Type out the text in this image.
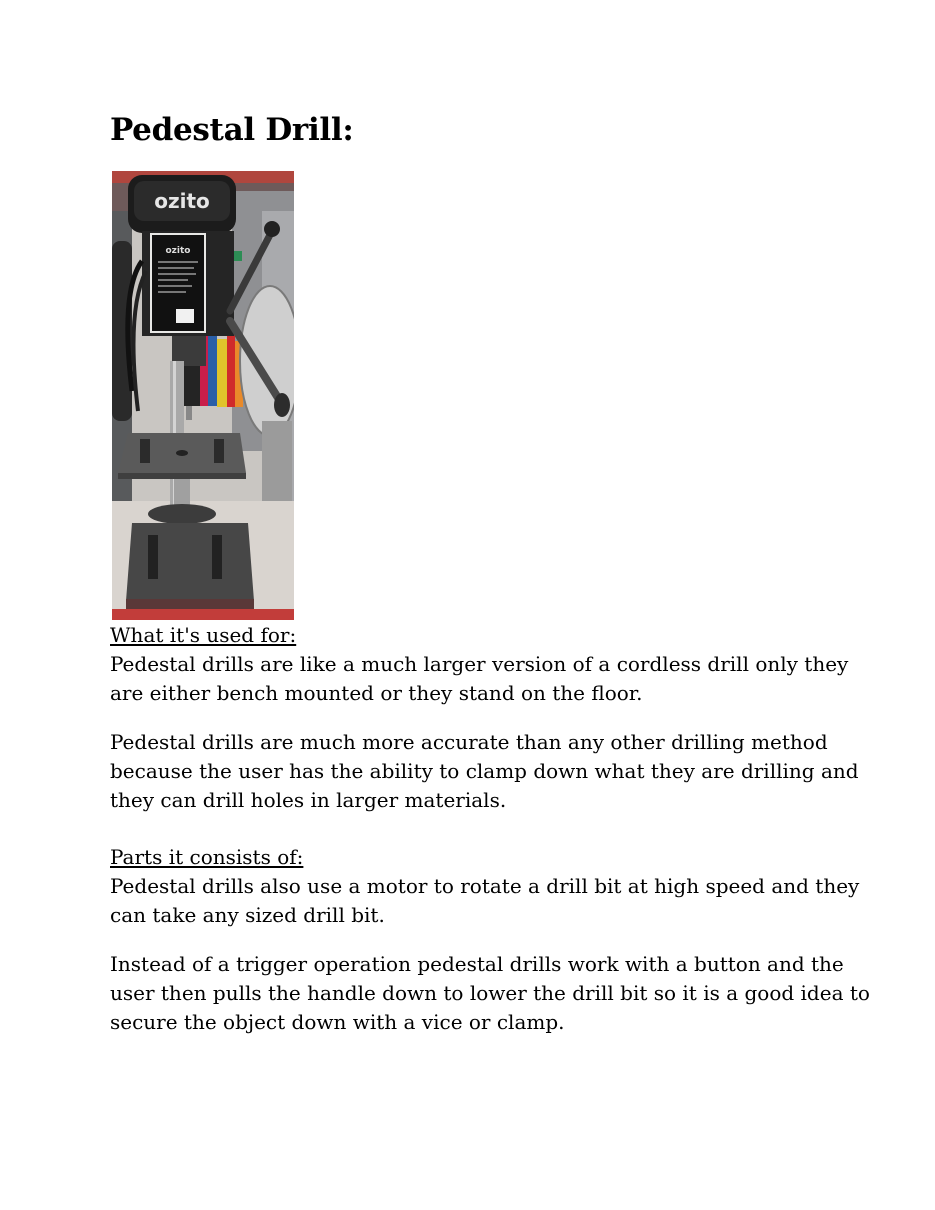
Pedestal Drill:
ozito
ozito

What it's used for:

Pedestal drills are like a much larger version of a cordless drill only they are either bench mounted or they stand on the floor.

Pedestal drills are much more accurate than any other drilling method because the user has the ability to clamp down what they are drilling and they can drill holes in larger materials.

Parts it consists of:

Pedestal drills also use a motor to rotate a drill bit at high speed and they can take any sized drill bit.

Instead of a trigger operation pedestal drills work with a button and the user then pulls the handle down to lower the drill bit so it is a good idea to secure the object down with a vice or clamp.
